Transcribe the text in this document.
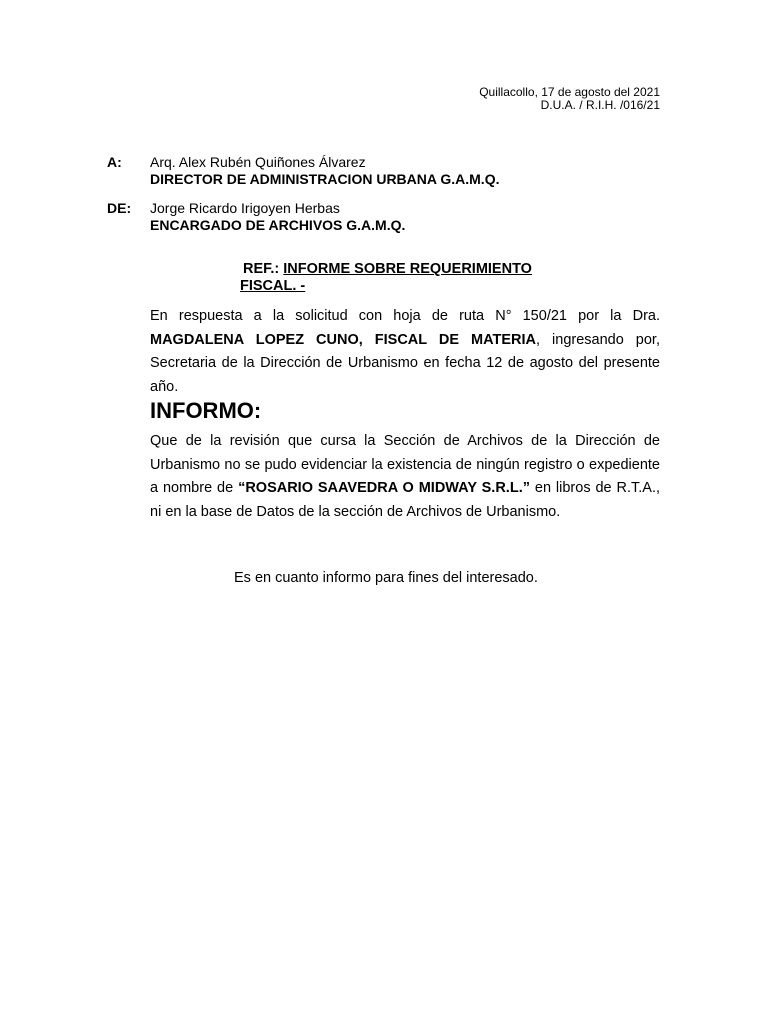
Quillacollo, 17 de agosto del 2021
D.U.A. / R.I.H. /016/21
A: Arq. Alex Rubén Quiñones Álvarez
DIRECTOR DE ADMINISTRACION URBANA G.A.M.Q.
DE: Jorge Ricardo Irigoyen Herbas
ENCARGADO DE ARCHIVOS G.A.M.Q.
REF.: INFORME SOBRE REQUERIMIENTO
FISCAL. -
En respuesta a la solicitud con hoja de ruta N° 150/21 por la Dra. MAGDALENA LOPEZ CUNO, FISCAL DE MATERIA, ingresando por, Secretaria de la Dirección de Urbanismo en fecha 12 de agosto del presente año.
INFORMO:
Que de la revisión que cursa la Sección de Archivos de la Dirección de Urbanismo no se pudo evidenciar la existencia de ningún registro o expediente a nombre de “ROSARIO SAAVEDRA O MIDWAY S.R.L.” en libros de R.T.A., ni en la base de Datos de la sección de Archivos de Urbanismo.
Es en cuanto informo para fines del interesado.
